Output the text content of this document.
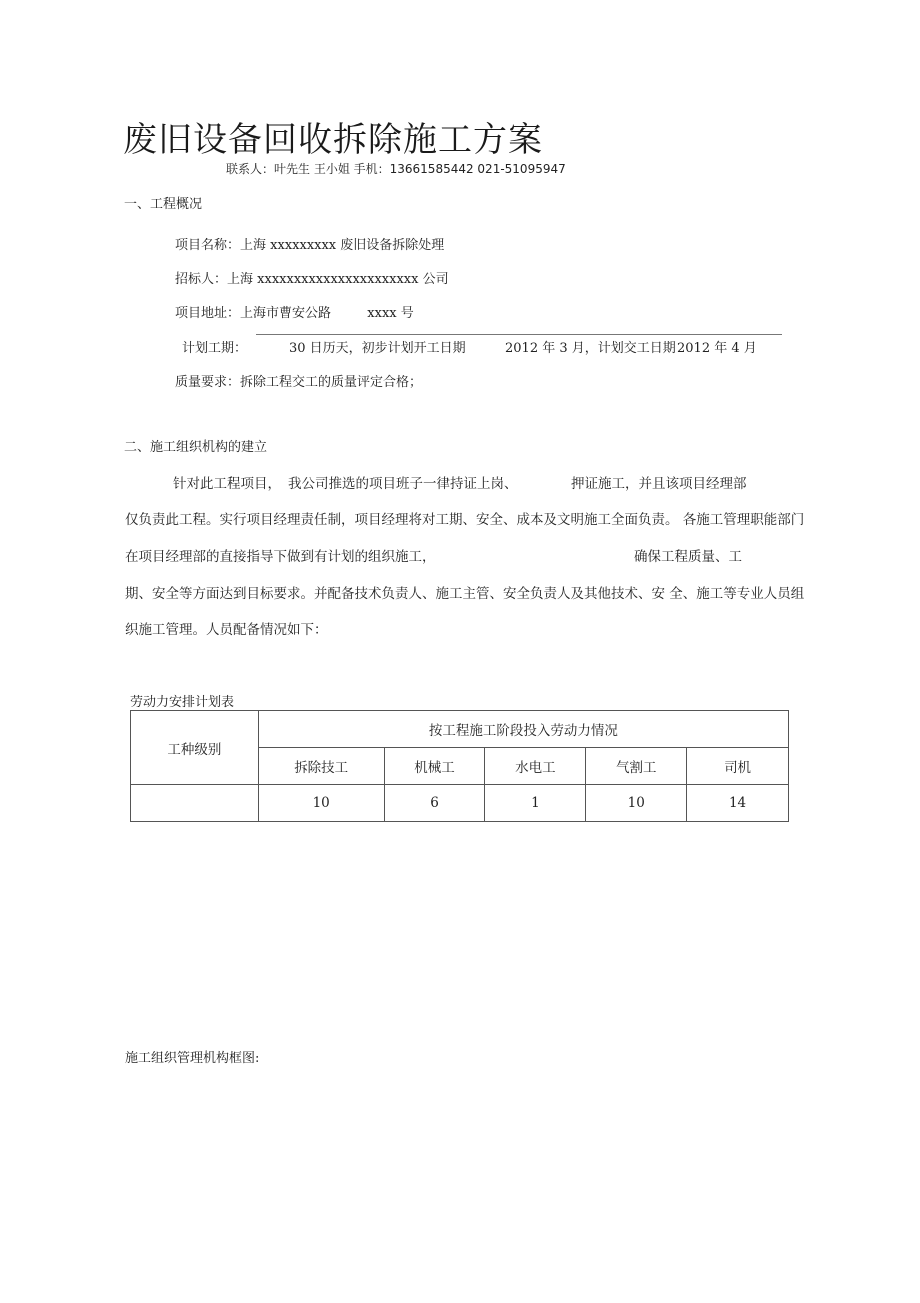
废旧设备回收拆除施工方案
联系人：叶先生 王小姐 手机：13661585442 021-51095947
一、工程概况
项目名称：上海 xxxxxxxxx 废旧设备拆除处理
招标人：上海 xxxxxxxxxxxxxxxxxxxxxx 公司
项目地址：上海市曹安公路	xxxx 号
计划工期：	30 日历天，初步计划开工日期	2012 年 3 月，计划交工日期 2012 年 4 月
质量要求：拆除工程交工的质量评定合格；
二、施工组织机构的建立
针对此工程项目， 我公司推选的项目班子一律持证上岗、	押证施工，并且该项目经理部
仅负责此工程。实行项目经理责任制，项目经理将对工期、安全、成本及文明施工全面负责。 各施工管理职能部门
在项目经理部的直接指导下做到有计划的组织施工，	确保工程质量、工
期、安全等方面达到目标要求。并配备技术负责人、施工主管、安全负责人及其他技术、安 全、施工等专业人员组
织施工管理。人员配备情况如下：
劳动力安排计划表
工种级别	按工程施工阶段投入劳动力情况				
	拆除技工	机械工	水电工	气割工	司机
	10	6	1	10	14
施工组织管理机构框图:
